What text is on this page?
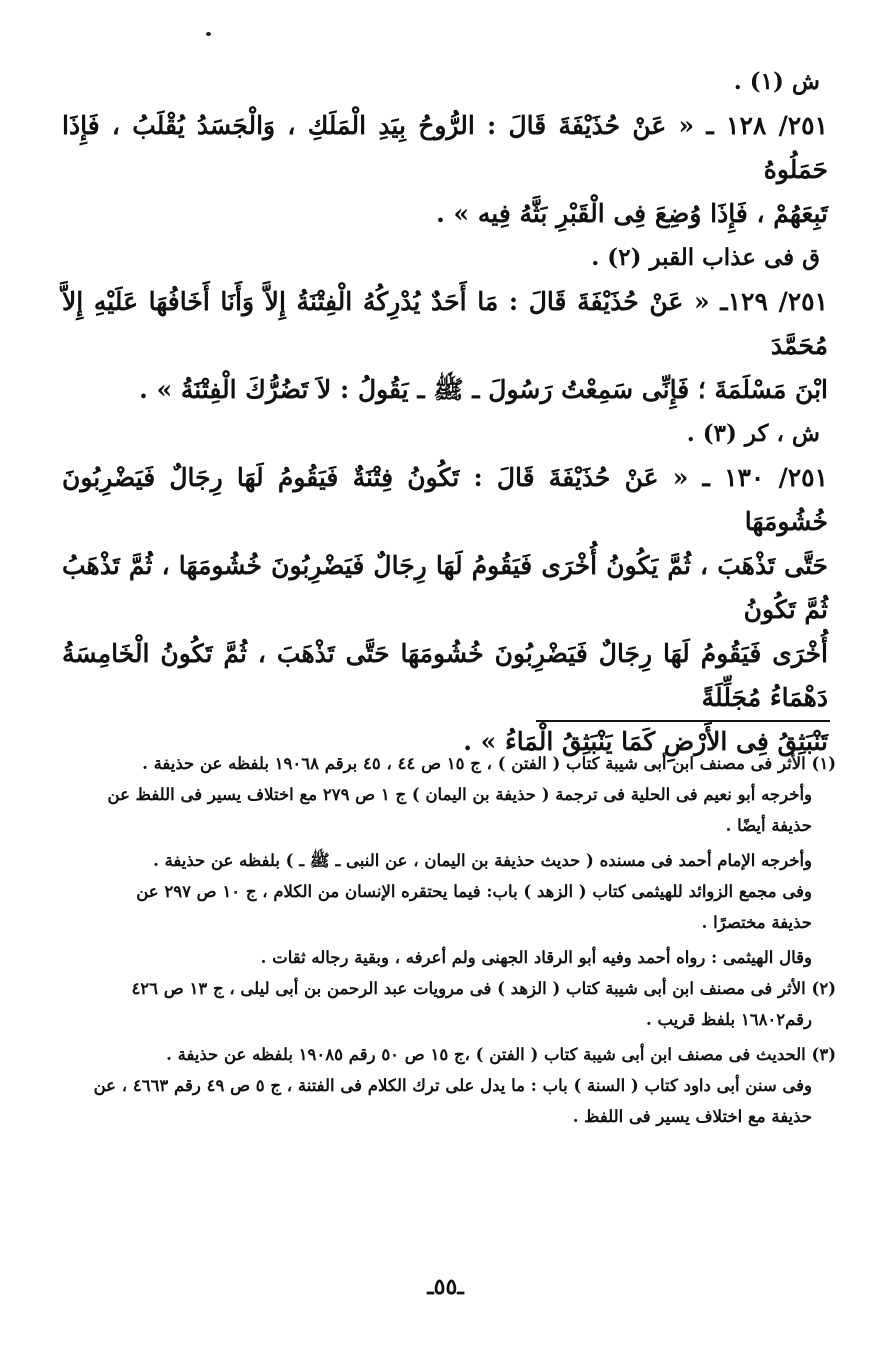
ش (١) .

٢٥١/ ١٢٨ ـ « عَنْ حُذَيْفَةَ قَالَ : الرُّوحُ بِيَدِ الْمَلَكِ ، وَالْجَسَدُ يُقْلَبُ ، فَإِذَا حَمَلُوهُ

تَبِعَهُمْ ، فَإِذَا وُضِعَ فِى الْقَبْرِ بَثَّهُ فِيه » .

ق فى عذاب القبر (٢) .

٢٥١/ ١٢٩ـ « عَنْ حُذَيْفَةَ قَالَ : مَا أَحَدٌ يُدْرِكُهُ الْفِتْنَةُ إِلاَّ وَأَنَا أَخَافُهَا عَلَيْهِ إِلاَّ مُحَمَّدَ

ابْنَ مَسْلَمَةَ ؛ فَإِنِّى سَمِعْتُ رَسُولَ ـ ﷺ ـ يَقُولُ : لاَ تَضُرُّكَ الْفِتْنَةُ » .

ش ، كر (٣) .

٢٥١/ ١٣٠ ـ « عَنْ حُذَيْفَةَ قَالَ : تَكُونُ فِتْنَةٌ فَيَقُومُ لَهَا رِجَالٌ فَيَضْرِبُونَ خُشُومَهَا

حَتَّى تَذْهَبَ ، ثُمَّ يَكُونُ أُخْرَى فَيَقُومُ لَهَا رِجَالٌ فَيَضْرِبُونَ خُشُومَهَا ، ثُمَّ تَذْهَبُ ثُمَّ تَكُونُ

أُخْرَى فَيَقُومُ لَهَا رِجَالٌ فَيَضْرِبُونَ خُشُومَهَا حَتَّى تَذْهَبَ ، ثُمَّ تَكُونُ الْخَامِسَةُ دَهْمَاءُ مُجَلِّلَةً

تَنْبَثِقُ فِى الأَرْضِ كَمَا يَنْبَثِقُ الْمَاءُ » .

(١) الأثر فى مصنف ابن أبى شيبة كتاب ( الفتن ) ، ج ١٥ ص ٤٤ ، ٤٥ برقم ١٩٠٦٨ بلفظه عن حذيفة .

وأخرجه أبو نعيم فى الحلية فى ترجمة ( حذيفة بن اليمان ) ج ١ ص ٢٧٩ مع اختلاف يسير فى اللفظ عن

حذيفة أيضًا .

وأخرجه الإمام أحمد فى مسنده ( حديث حذيفة بن اليمان ، عن النبى ـ ﷺ ـ ) بلفظه عن حذيفة .

وفى مجمع الزوائد للهيثمى كتاب ( الزهد ) باب: فيما يحتقره الإنسان من الكلام ، ج ١٠ ص ٢٩٧ عن

حذيفة مختصرًا .

وقال الهيثمى : رواه أحمد وفيه أبو الرقاد الجهنى ولم أعرفه ، وبقية رجاله ثقات .

(٢) الأثر فى مصنف ابن أبى شيبة كتاب ( الزهد ) فى مرويات عبد الرحمن بن أبى ليلى ، ج ١٣ ص ٤٢٦

رقم١٦٨٠٢ بلفظ قريب .

(٣) الحديث فى مصنف ابن أبى شيبة كتاب ( الفتن ) ،ج ١٥ ص ٥٠ رقم ١٩٠٨٥ بلفظه عن حذيفة .

وفى سنن أبى داود كتاب ( السنة ) باب : ما يدل على ترك الكلام فى الفتنة ، ج ٥ ص ٤٩ رقم ٤٦٦٣ ، عن

حذيفة مع اختلاف يسير فى اللفظ .

ـ٥٥ـ
